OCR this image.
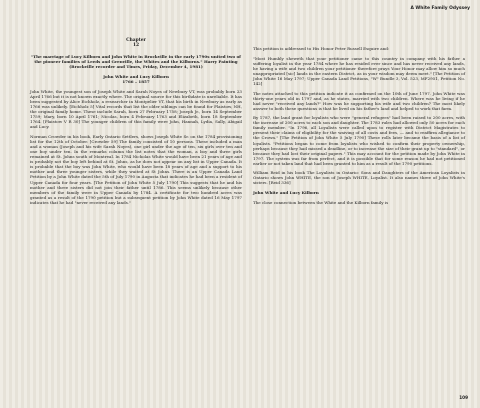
A White Family Odyssey
Chapter
12

"The marriage of Lucy Kilborn and John White in Brockville in the early 1790s united two of the pioneer families of Leeds and Grenville, the Whites and the Kilborns." Harry Painting (Brockville recorder and Times, Friday, December 4, 1981)

John White and Lucy Kilborn
1766 – 1857

John White, the youngest son of Joseph White and Sarah Noyes of Newbury VT, was probably born 23 April 1766 but it is not known exactly where. The original source for this birthdate is unreliable. It has been suggested by Alice Eichholz, a researcher in Montpelier VT, that his birth in Newbury as early as 1766 was unlikely. [Eichholz 5] Vital records that list the older siblings can be found for Plaistow, NH, the original family home. These include Sarah, born 27 February 1758; Joseph Jr., born 14 September 1759; Mary, born 10 April 1761; Nicolas, born 4 February 1763 and Elizabeth, born 18 September 1764. [Plaistow V R 30] The younger children of this family were John, Hannah, Lydia, Sally, Abigail and Lucy.

Norman Crowder in his book, Early Ontario Settlers, shows Joseph White Sr. on the 1784 provisioning list for the 12th of October. [Crowder 59] The family consisted of 10 persons. These included a man and a woman (Joseph and his wife Sarah Noyes), one girl under the age of ten, six girls over ten and one boy under ten. In the remarks column the list notes that the woman, a boy and three girls remained at St. Johns south of Montreal. In 1784 Nicholas White would have been 21 years of age and is probably not the boy left behind at St. Johns, as he does not appear on any list in Upper Canada. It is probable that the boy was John White, who would have been 18 years of age and a support to his mother and three younger sisters, while they waited at St Johns. There is an Upper Canada Land Petition by a John White dated the 5th of July 1790 in Augusta that indicates he had been a resident of Upper Canada for four years. [The Petition of John White 5 July 1790] This suggests that he and his mother and three sisters did not join their father until 1786. This seems unlikely because other members of the family were in Upper Canada by 1784. A certificate for two hundred acres was granted as a result of the 1790 petition but a subsequent petition by John White dated 16 May 1797 indicates that he had "never received any lands."

This petition is addressed to His Honor Peter Russell Esquire and:

"Most Humbly sheweth that your petitioner came to this country in company with his father a suffering loyalist in the year 1784 where he has resided ever since and has never received any lands, he having a wife and two children your petitioner therefore prays Your Honor may allow him so much unappropriated [sic] lands in the eastern District, as in your wisdom may deem meet." [The Petition of John White 16 May 1797; Upper Canada Land Petitions, "W" Bundle 3, Vol. 523, MF2951, Petition No. 142]

The notes attached to this petition indicate it as confirmed on the 10th of June 1797. John White was thirty-one years old in 1797 and, as he states, married with two children. Where was he living if he had never "received any lands?" How was he supporting his wife and two children? The most likely answer to both these questions is that he lived on his father's land and helped to work that farm.

By 1787, the land grant for loyalists who were "general refugees" had been raised to 200 acres, with the increase of 200 acres to each son and daughter. The 1783 rules had allowed only 50 acres for each family member. "In 1796, all Loyalists were called upon to register with District Magistrates to present their claims of eligibility for the waiving of all costs and fees, — and to reaffirm allegiance to the Crown." [The Petition of John White 5 July 1790] These rolls later became the basis of a list of loyalists. "Petitions began to come from loyalists who wished to confirm their property ownership, perhaps because they had missed a deadline, or to increase the size of their grant up to "standard", or because they had lost their original papers." This may account for the petition made by John White in 1797. The system was far from perfect, and it is possible that for some reason he had not petitioned earlier or not taken land that had been granted to him as a result of the 1790 petitions.

William Reid in his book The Loyalists in Ontario: Sons and Daughters of the American Loyalists in Ontario shows John WHITE, the son of Joseph WHITE, Loyalist. It also names three of John White's sisters. [Reid 336]

John White and Lucy Kilborn

The close connection between the White and the Kilborn family is

109
